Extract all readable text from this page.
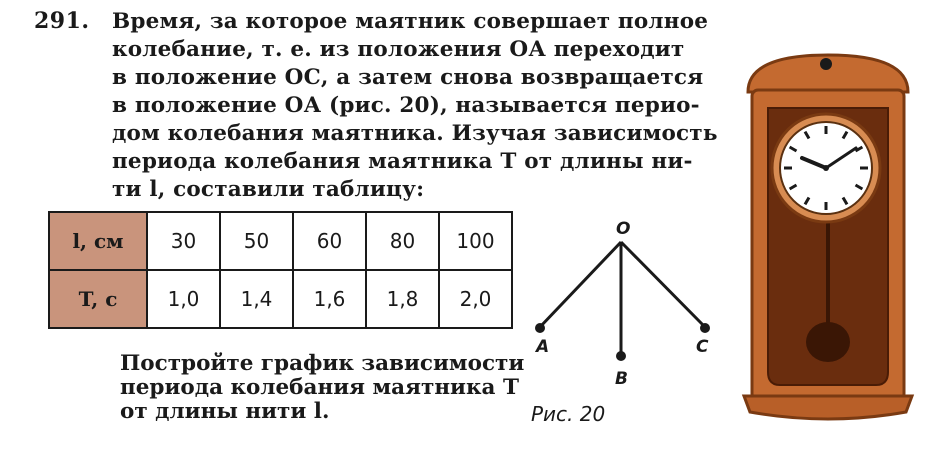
291. Время, за которое маятник совершает полное
колебание, т. е. из положения ОА переходит
в положение ОС, а затем снова возвращается
в положение ОА (рис. 20), называется перио-
дом колебания маятника. Изучая зависимость
периода колебания маятника T от длины ни-
ти l, составили таблицу:

l, см	30	50	60	80	100
T, с	1,0	1,4	1,6	1,8	2,0

Постройте график зависимости
периода колебания маятника T
от длины нити l.

O
A
B
C
Рис. 20
